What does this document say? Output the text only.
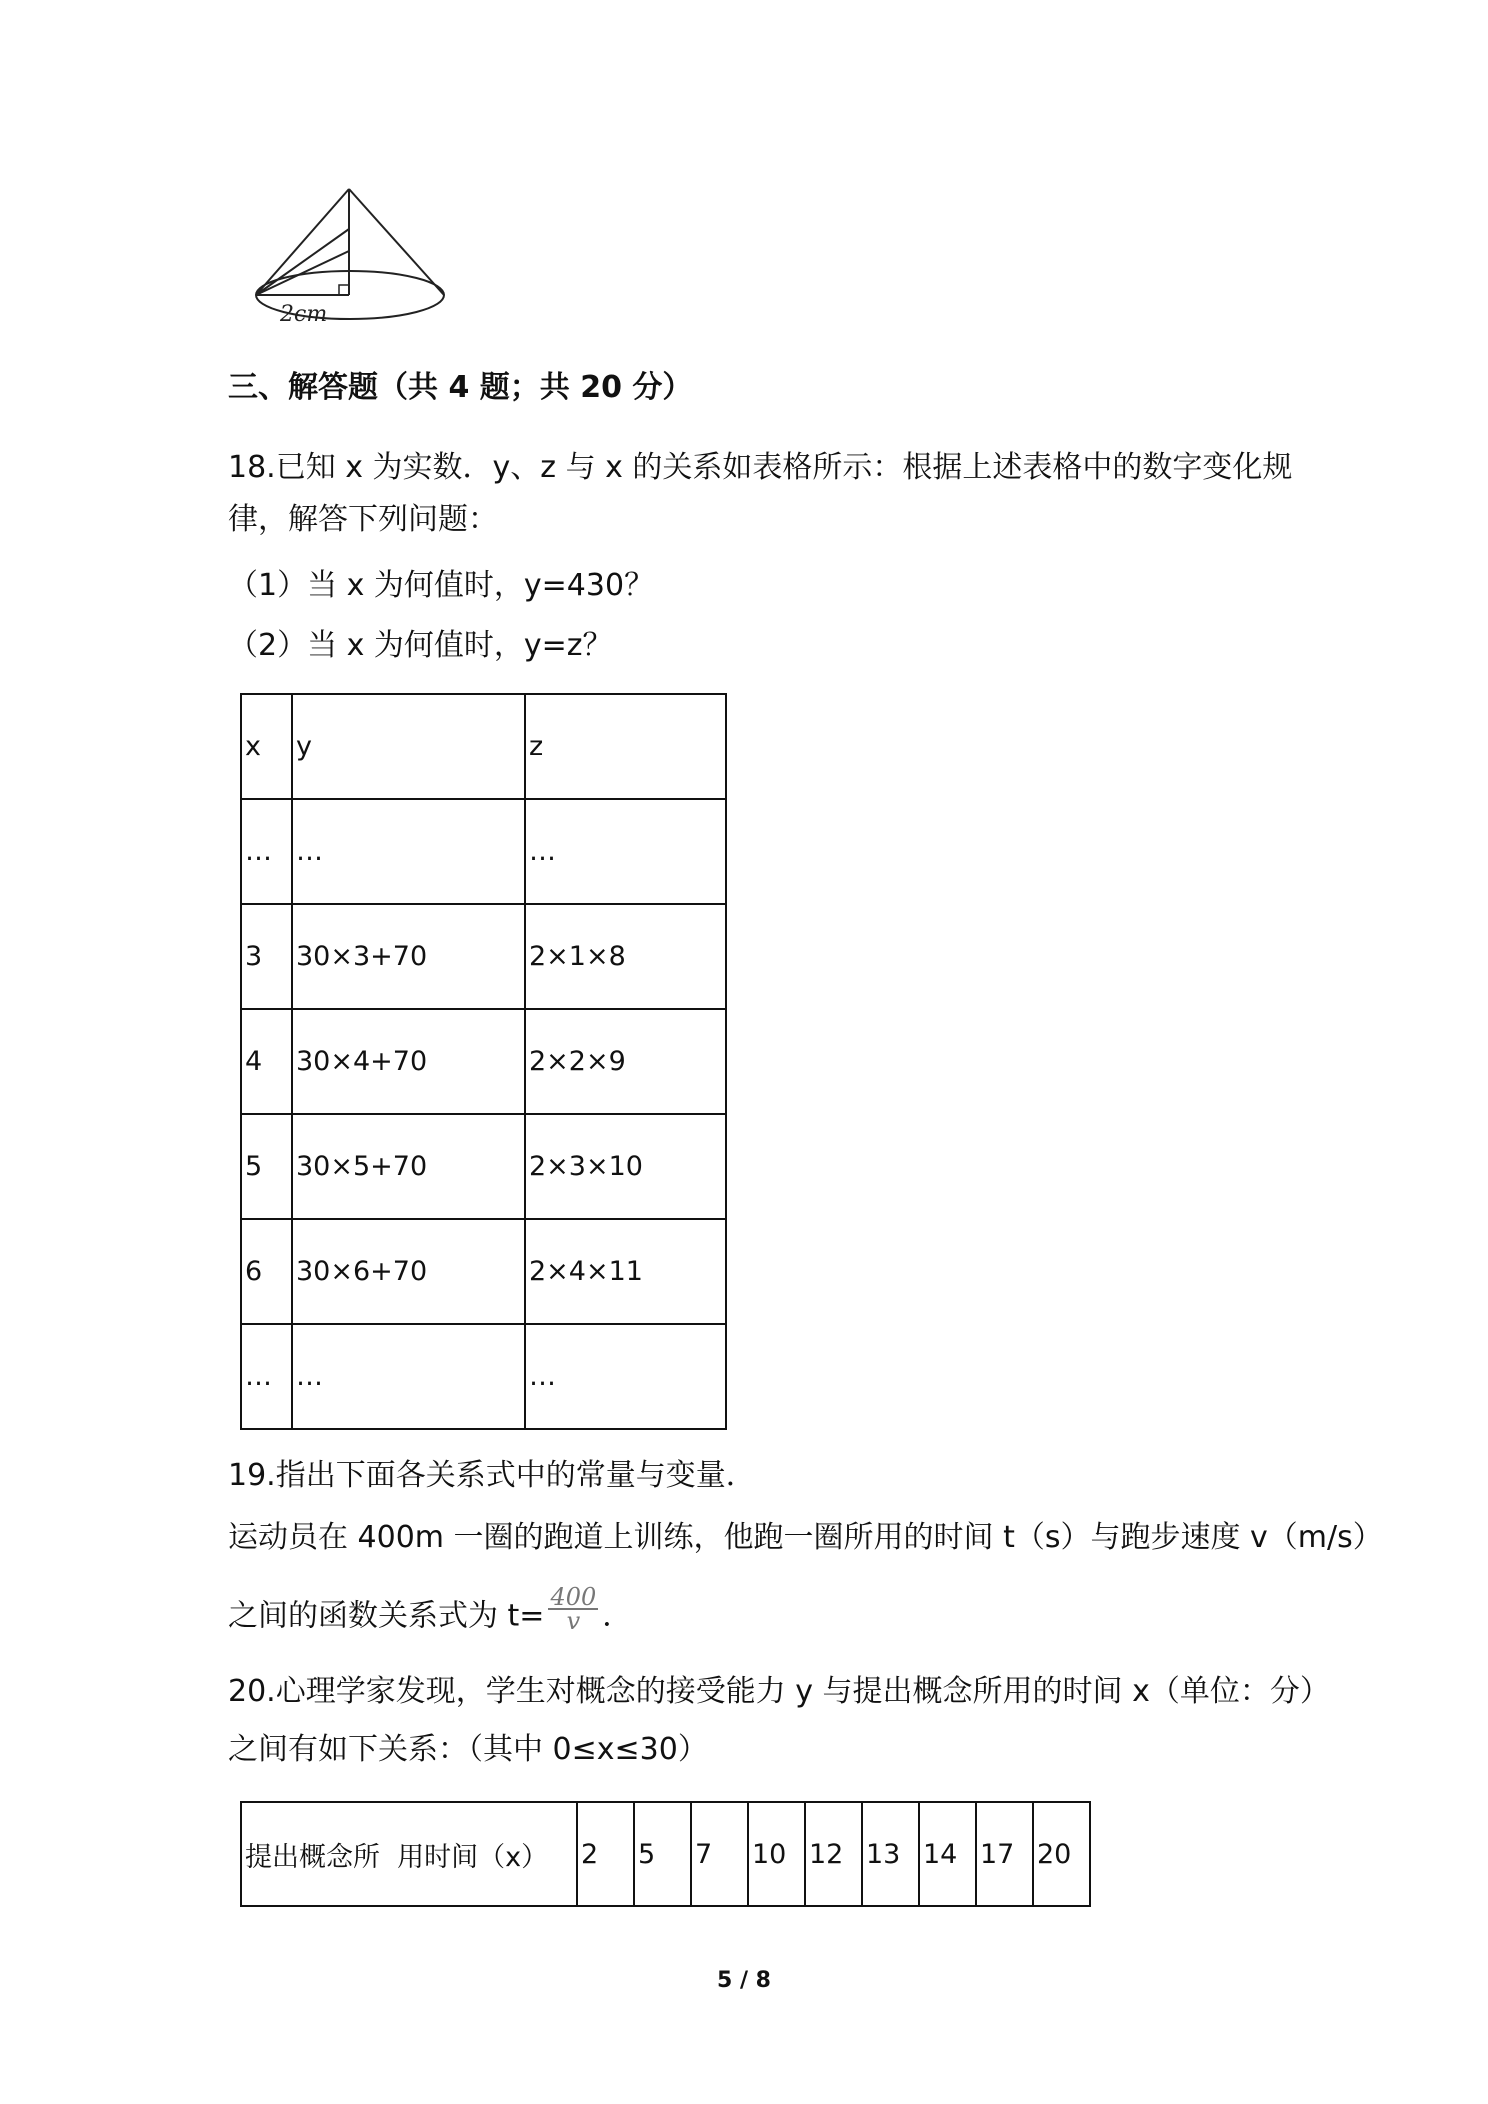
2cm
三、解答题（共 4 题；共 20 分）
18.已知 x 为实数．y、z 与 x 的关系如表格所示：根据上述表格中的数字变化规
律，解答下列问题：
（1）当 x 为何值时，y=430？
（2）当 x 为何值时，y=z？
x	y	z
…	…	…
3	30×3+70	2×1×8
4	30×4+70	2×2×9
5	30×5+70	2×3×10
6	30×6+70	2×4×11
…	…	…
19.指出下面各关系式中的常量与变量．
运动员在 400m 一圈的跑道上训练，他跑一圈所用的时间 t（s）与跑步速度 v（m/s）
之间的函数关系式为 $t= \frac{400}{v}$ ．
20.心理学家发现，学生对概念的接受能力 y 与提出概念所用的时间 x（单位：分）
之间有如下关系：（其中 0≤x≤30）
提出概念所  用时间（x）	2	5	7	10	12	13	14	17	20
5 / 8
